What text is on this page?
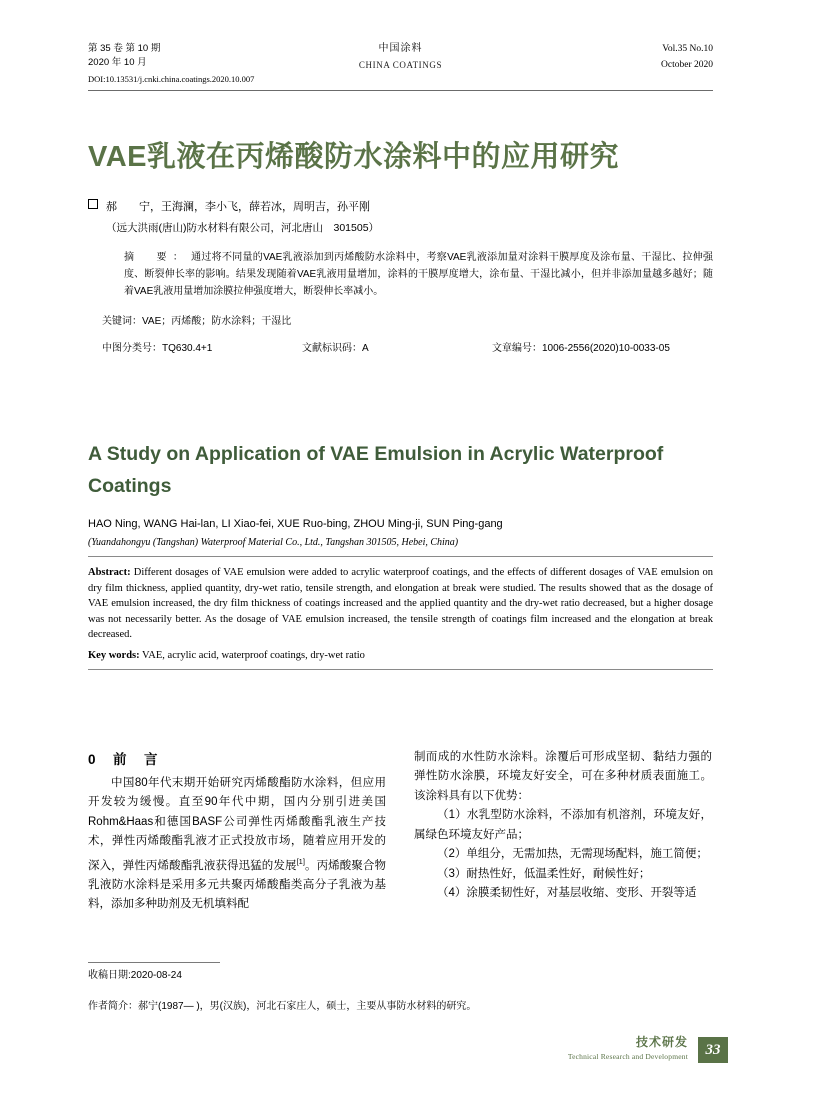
第 35 卷 第 10 期
2020 年 10 月
中国涂料
CHINA COATINGS
Vol.35 No.10
October 2020
DOI:10.13531/j.cnki.china.coatings.2020.10.007
VAE乳液在丙烯酸防水涂料中的应用研究
郝　　宁，王海澜，李小飞，薛若冰，周明吉，孙平刚
（远大洪雨(唐山)防水材料有限公司，河北唐山　301505）
摘　要： 通过将不同量的VAE乳液添加到丙烯酸防水涂料中，考察VAE乳液添加量对涂料干膜厚度及涂布量、干湿比、拉伸强度、断裂伸长率的影响。结果发现随着VAE乳液用量增加，涂料的干膜厚度增大，涂布量、干湿比减小，但并非添加量越多越好；随着VAE乳液用量增加涂膜拉伸强度增大，断裂伸长率减小。
关键词：VAE；丙烯酸；防水涂料；干湿比
中图分类号：TQ630.4+1	文献标识码：A	文章编号：1006-2556(2020)10-0033-05
A Study on Application of VAE Emulsion in Acrylic Waterproof Coatings
HAO Ning, WANG Hai-lan, LI Xiao-fei, XUE Ruo-bing, ZHOU Ming-ji, SUN Ping-gang
(Yuandahongyu (Tangshan) Waterproof Material Co., Ltd., Tangshan 301505, Hebei, China)
Abstract: Different dosages of VAE emulsion were added to acrylic waterproof coatings, and the effects of different dosages of VAE emulsion on dry film thickness, applied quantity, dry-wet ratio, tensile strength, and elongation at break were studied. The results showed that as the dosage of VAE emulsion increased, the dry film thickness of coatings increased and the applied quantity and the dry-wet ratio decreased, but a higher dosage was not necessarily better. As the dosage of VAE emulsion increased, the tensile strength of coatings film increased and the elongation at break decreased.
Key words: VAE, acrylic acid, waterproof coatings, dry-wet ratio
0　前　言
中国80年代末期开始研究丙烯酸酯防水涂料，但应用开发较为缓慢。直至90年代中期，国内分别引进美国Rohm&Haas和德国BASF公司弹性丙烯酸酯乳液生产技术，弹性丙烯酸酯乳液才正式投放市场，随着应用开发的深入，弹性丙烯酸酯乳液获得迅猛的发展[1]。丙烯酸聚合物乳液防水涂料是采用多元共聚丙烯酸酯类高分子乳液为基料，添加多种助剂及无机填料配
制而成的水性防水涂料。涂覆后可形成坚韧、黏结力强的弹性防水涂膜，环境友好安全，可在多种材质表面施工。该涂料具有以下优势：
（1）水乳型防水涂料，不添加有机溶剂，环境友好，属绿色环境友好产品；
（2）单组分，无需加热，无需现场配料，施工简便；
（3）耐热性好，低温柔性好，耐候性好；
（4）涂膜柔韧性好，对基层收缩、变形、开裂等适
收稿日期:2020-08-24
作者简介：郝宁(1987— )，男(汉族)，河北石家庄人，硕士，主要从事防水材料的研究。
技术研发
Technical Research and Development	33
